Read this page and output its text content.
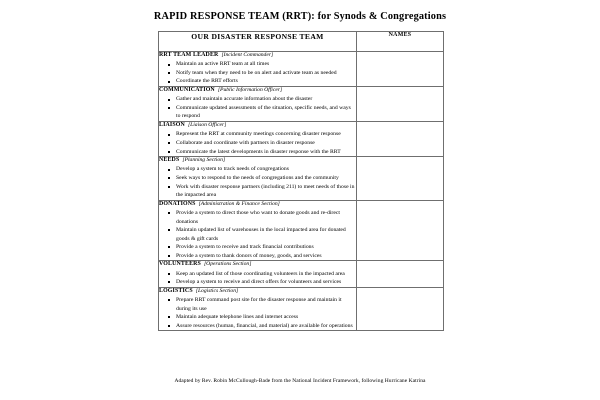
RAPID RESPONSE TEAM (RRT): for Synods & Congregations
OUR DISASTER RESPONSE TEAM	NAMES

RRT TEAM LEADER [Incident Commander]
Maintain an active RRT team at all times
Notify team when they need to be on alert and activate team as needed
Coordinate the RRT efforts

COMMUNICATION [Public Information Officer]
Gather and maintain accurate information about the disaster
Communicate updated assessments of the situation, specific needs, and ways to respond

LIAISON [Liaison Officer]
Represent the RRT at community meetings concerning disaster response
Collaborate and coordinate with partners in disaster response
Communicate the latest developments in disaster response with the RRT

NEEDS [Planning Section]
Develop a system to track needs of congregations
Seek ways to respond to the needs of congregations and the community
Work with disaster response partners (including 211) to meet needs of those in the impacted area

DONATIONS [Administration & Finance Section]
Provide a system to direct those who want to donate goods and re-direct donations
Maintain updated list of warehouses in the local impacted area for donated goods & gift cards
Provide a system to receive and track financial contributions
Provide a system to thank donors of money, goods, and services

VOLUNTEERS [Operations Section]
Keep an updated list of those coordinating volunteers in the impacted area
Develop a system to receive and direct offers for volunteers and services

LOGISTICS [Logistics Section]
Prepare RRT command post site for the disaster response and maintain it during its use
Maintain adequate telephone lines and internet access
Assure resources (human, financial, and material) are available for operations

Adapted by Rev. Robin McCullough-Bade from the National Incident Framework, following Hurricane Katrina
